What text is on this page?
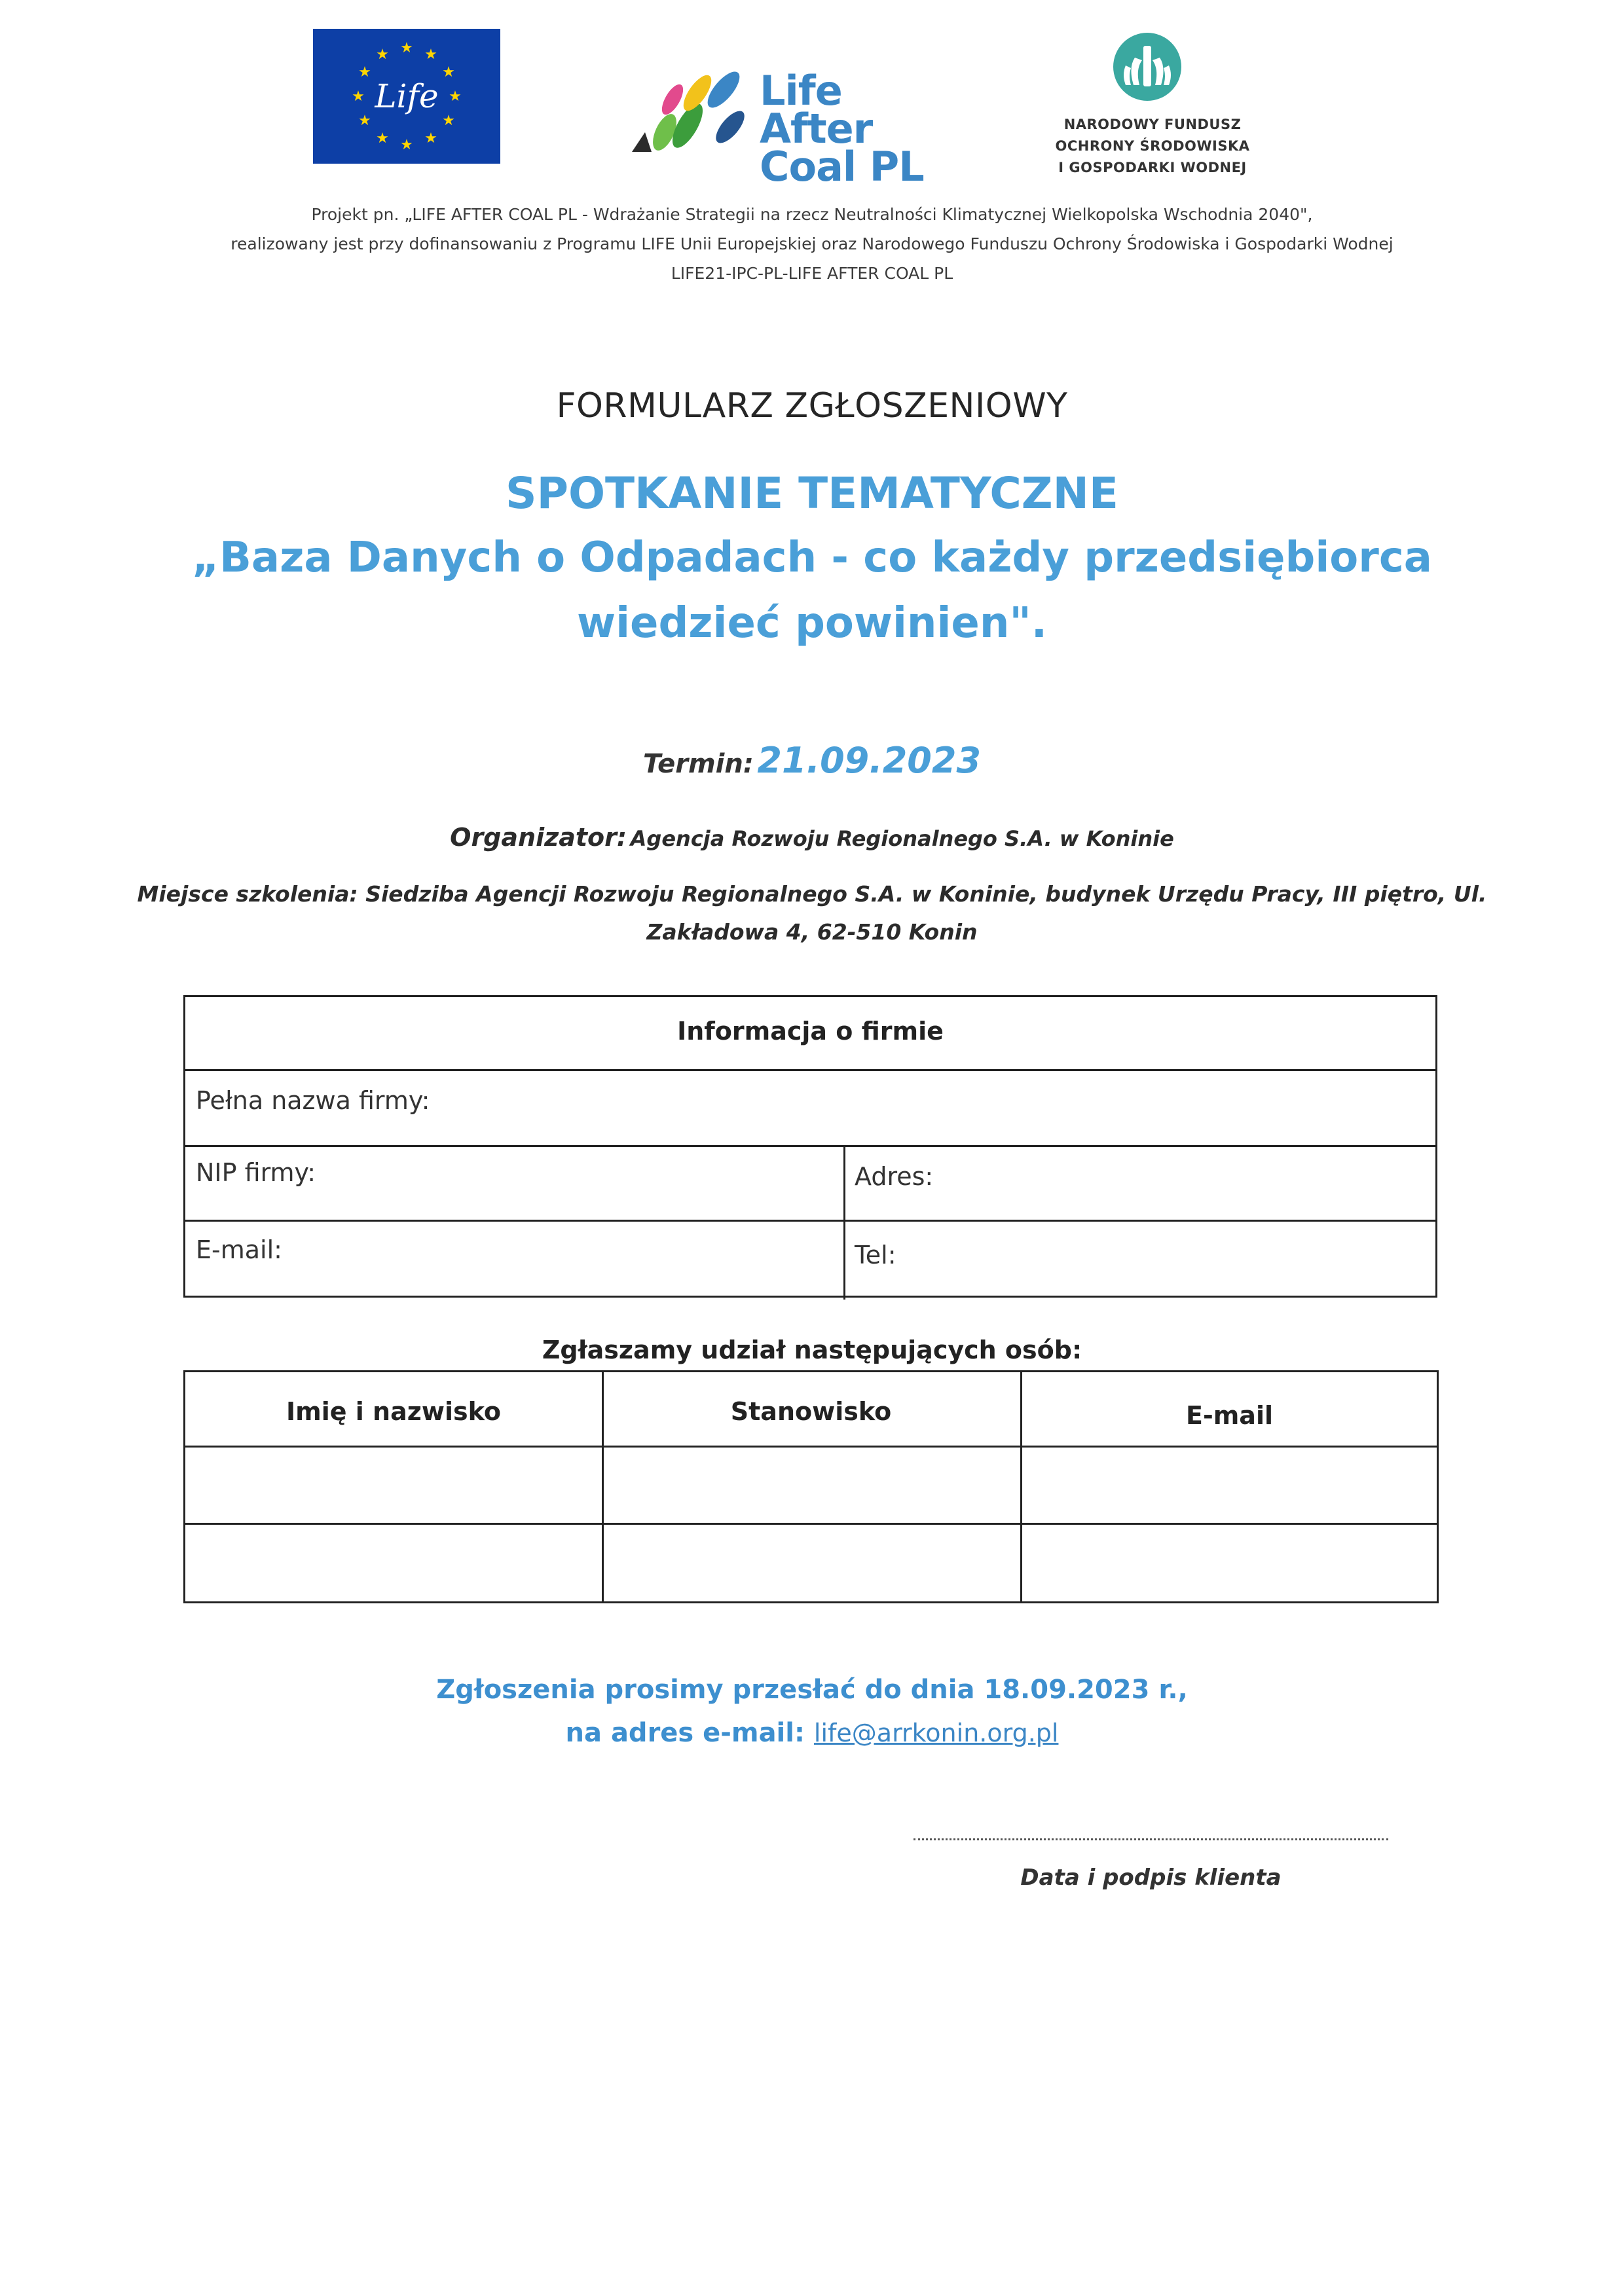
★ ★
★
★
★
★
★
★
★
★
★
★
Life	Life After
Coal PL
NARODOWY FUNDUSZ
OCHRONY ŚRODOWISKA
I GOSPODARKI WODNEJ
Projekt pn. „LIFE AFTER COAL PL - Wdrażanie Strategii na rzecz Neutralności Klimatycznej Wielkopolska Wschodnia 2040",
realizowany jest przy dofinansowaniu z Programu LIFE Unii Europejskiej oraz Narodowego Funduszu Ochrony Środowiska i Gospodarki Wodnej
LIFE21-IPC-PL-LIFE AFTER COAL PL
FORMULARZ ZGŁOSZENIOWY
SPOTKANIE TEMATYCZNE
„Baza Danych o Odpadach - co każdy przedsiębiorca
wiedzieć powinien".
Termin: 21.09.2023
Organizator: Agencja Rozwoju Regionalnego S.A. w Koninie
Miejsce szkolenia: Siedziba Agencji Rozwoju Regionalnego S.A. w Koninie, budynek Urzędu Pracy, III piętro, Ul.
Zakładowa 4, 62-510 Konin
Informacja o firmie
Pełna nazwa firmy:
NIP firmy:	Adres:
E-mail:	Tel:
Zgłaszamy udział następujących osób:
Imię i nazwisko	Stanowisko	E-mail
Zgłoszenia prosimy przesłać do dnia 18.09.2023 r.,
na adres e-mail: life@arrkonin.org.pl
Data i podpis klienta
